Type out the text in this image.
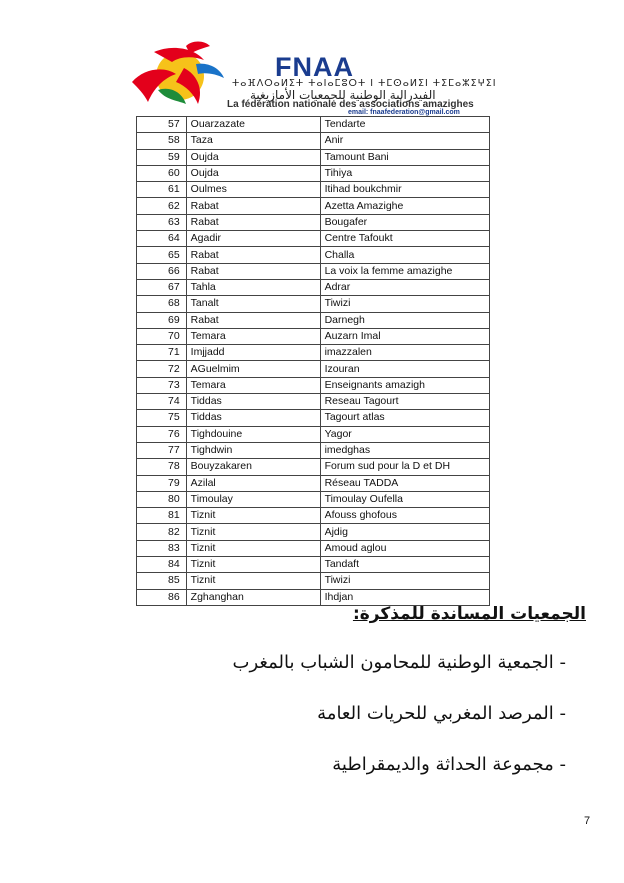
FNAA
ⵜⴰⴼⴷⵔⴰⵍⵉⵜ ⵜⴰⵏⴰⵎⵓⵔⵜ ⵏ ⵜⵎⵙⴰⵍⵉⵏ ⵜⵉⵎⴰⵣⵉⵖⵉⵏ
الفيدرالية الوطنية للجمعيات الأمازيغية
La fédération nationale des associations amazighes
email: fnaafederation@gmail.com
57	Ouarzazate	Tendarte
58	Taza	Anir
59	Oujda	Tamount Bani
60	Oujda	Tihiya
61	Oulmes	Itihad boukchmir
62	Rabat	Azetta Amazighe
63	Rabat	Bougafer
64	Agadir	Centre Tafoukt
65	Rabat	Challa
66	Rabat	La voix la femme amazighe
67	Tahla	Adrar
68	Tanalt	Tiwizi
69	Rabat	Darnegh
70	Temara	Auzarn Imal
71	Imjjadd	imazzalen
72	AGuelmim	Izouran
73	Temara	Enseignants amazigh
74	Tiddas	Reseau Tagourt
75	Tiddas	Tagourt atlas
76	Tighdouine	Yagor
77	Tighdwin	imedghas
78	Bouyzakaren	Forum sud pour la D et DH
79	Azilal	Réseau TADDA
80	Timoulay	Timoulay Oufella
81	Tiznit	Afouss ghofous
82	Tiznit	Ajdig
83	Tiznit	Amoud aglou
84	Tiznit	Tandaft
85	Tiznit	Tiwizi
86	Zghanghan	Ihdjan
الجمعيات المساندة للمذكرة:
- الجمعية الوطنية للمحامون الشباب بالمغرب
- المرصد المغربي للحريات العامة
- مجموعة الحداثة والديمقراطية
7
